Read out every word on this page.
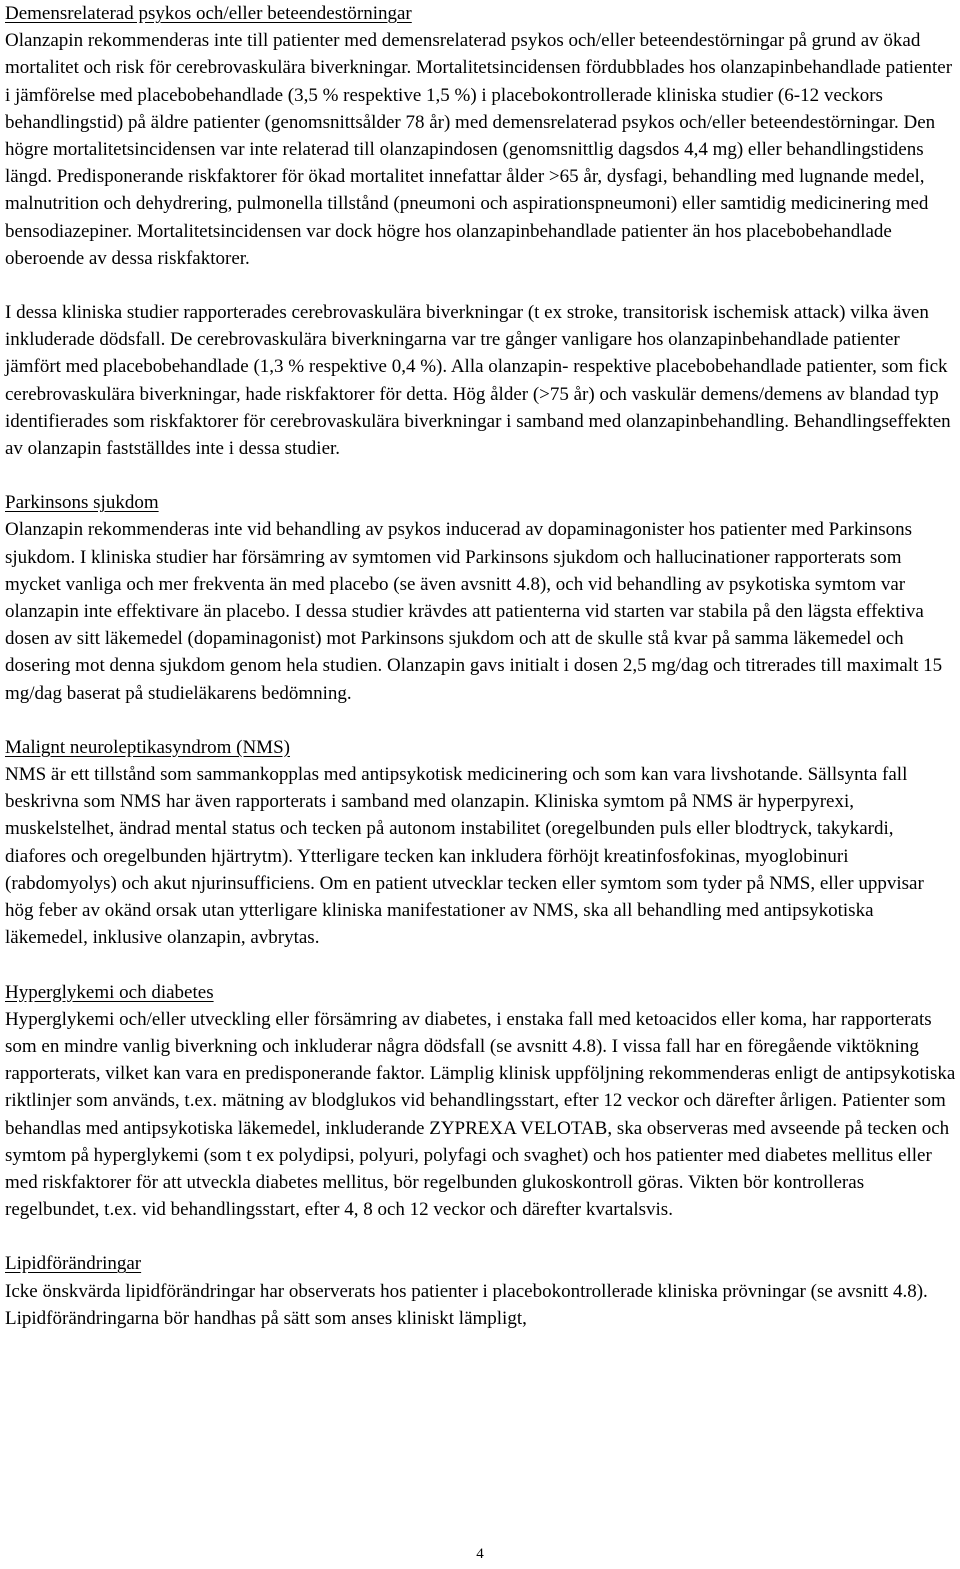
Demensrelaterad psykos och/eller beteendestörningar

Olanzapin rekommenderas inte till patienter med demensrelaterad psykos och/eller beteendestörningar på grund av ökad mortalitet och risk för cerebrovaskulära biverkningar. Mortalitetsincidensen fördubblades hos olanzapinbehandlade patienter i jämförelse med placebobehandlade (3,5 % respektive 1,5 %) i placebokontrollerade kliniska studier (6-12 veckors behandlingstid) på äldre patienter (genomsnittsålder 78 år) med demensrelaterad psykos och/eller beteendestörningar. Den högre mortalitetsincidensen var inte relaterad till olanzapindosen (genomsnittlig dagsdos 4,4 mg) eller behandlingstidens längd. Predisponerande riskfaktorer för ökad mortalitet innefattar ålder >65 år, dysfagi, behandling med lugnande medel, malnutrition och dehydrering, pulmonella tillstånd (pneumoni och aspirationspneumoni) eller samtidig medicinering med bensodiazepiner. Mortalitetsincidensen var dock högre hos olanzapinbehandlade patienter än hos placebobehandlade oberoende av dessa riskfaktorer.

I dessa kliniska studier rapporterades cerebrovaskulära biverkningar (t ex stroke, transitorisk ischemisk attack) vilka även inkluderade dödsfall. De cerebrovaskulära biverkningarna var tre gånger vanligare hos olanzapinbehandlade patienter jämfört med placebobehandlade (1,3 % respektive 0,4 %). Alla olanzapin- respektive placebobehandlade patienter, som fick cerebrovaskulära biverkningar, hade riskfaktorer för detta. Hög ålder (>75 år) och vaskulär demens/demens av blandad typ identifierades som riskfaktorer för cerebrovaskulära biverkningar i samband med olanzapinbehandling. Behandlingseffekten av olanzapin fastställdes inte i dessa studier.

Parkinsons sjukdom

Olanzapin rekommenderas inte vid behandling av psykos inducerad av dopaminagonister hos patienter med Parkinsons sjukdom. I kliniska studier har försämring av symtomen vid Parkinsons sjukdom och hallucinationer rapporterats som mycket vanliga och mer frekventa än med placebo (se även avsnitt 4.8), och vid behandling av psykotiska symtom var olanzapin inte effektivare än placebo. I dessa studier krävdes att patienterna vid starten var stabila på den lägsta effektiva dosen av sitt läkemedel (dopaminagonist) mot Parkinsons sjukdom och att de skulle stå kvar på samma läkemedel och dosering mot denna sjukdom genom hela studien. Olanzapin gavs initialt i dosen 2,5 mg/dag och titrerades till maximalt 15 mg/dag baserat på studieläkarens bedömning.

Malignt neuroleptikasyndrom (NMS)

NMS är ett tillstånd som sammankopplas med antipsykotisk medicinering och som kan vara livshotande. Sällsynta fall beskrivna som NMS har även rapporterats i samband med olanzapin. Kliniska symtom på NMS är hyperpyrexi, muskelstelhet, ändrad mental status och tecken på autonom instabilitet (oregelbunden puls eller blodtryck, takykardi, diafores och oregelbunden hjärtrytm). Ytterligare tecken kan inkludera förhöjt kreatinfosfokinas, myoglobinuri (rabdomyolys) och akut njurinsufficiens. Om en patient utvecklar tecken eller symtom som tyder på NMS, eller uppvisar hög feber av okänd orsak utan ytterligare kliniska manifestationer av NMS, ska all behandling med antipsykotiska läkemedel, inklusive olanzapin, avbrytas.

Hyperglykemi och diabetes

Hyperglykemi och/eller utveckling eller försämring av diabetes, i enstaka fall med ketoacidos eller koma, har rapporterats som en mindre vanlig biverkning och inkluderar några dödsfall (se avsnitt 4.8). I vissa fall har en föregående viktökning rapporterats, vilket kan vara en predisponerande faktor. Lämplig klinisk uppföljning rekommenderas enligt de antipsykotiska riktlinjer som används, t.ex. mätning av blodglukos vid behandlingsstart, efter 12 veckor och därefter årligen. Patienter som behandlas med antipsykotiska läkemedel, inkluderande ZYPREXA VELOTAB, ska observeras med avseende på tecken och symtom på hyperglykemi (som t ex polydipsi, polyuri, polyfagi och svaghet) och hos patienter med diabetes mellitus eller med riskfaktorer för att utveckla diabetes mellitus, bör regelbunden glukoskontroll göras. Vikten bör kontrolleras regelbundet, t.ex. vid behandlingsstart, efter 4, 8 och 12 veckor och därefter kvartalsvis.

Lipidförändringar

Icke önskvärda lipidförändringar har observerats hos patienter i placebokontrollerade kliniska prövningar (se avsnitt 4.8). Lipidförändringarna bör handhas på sätt som anses kliniskt lämpligt,

4
